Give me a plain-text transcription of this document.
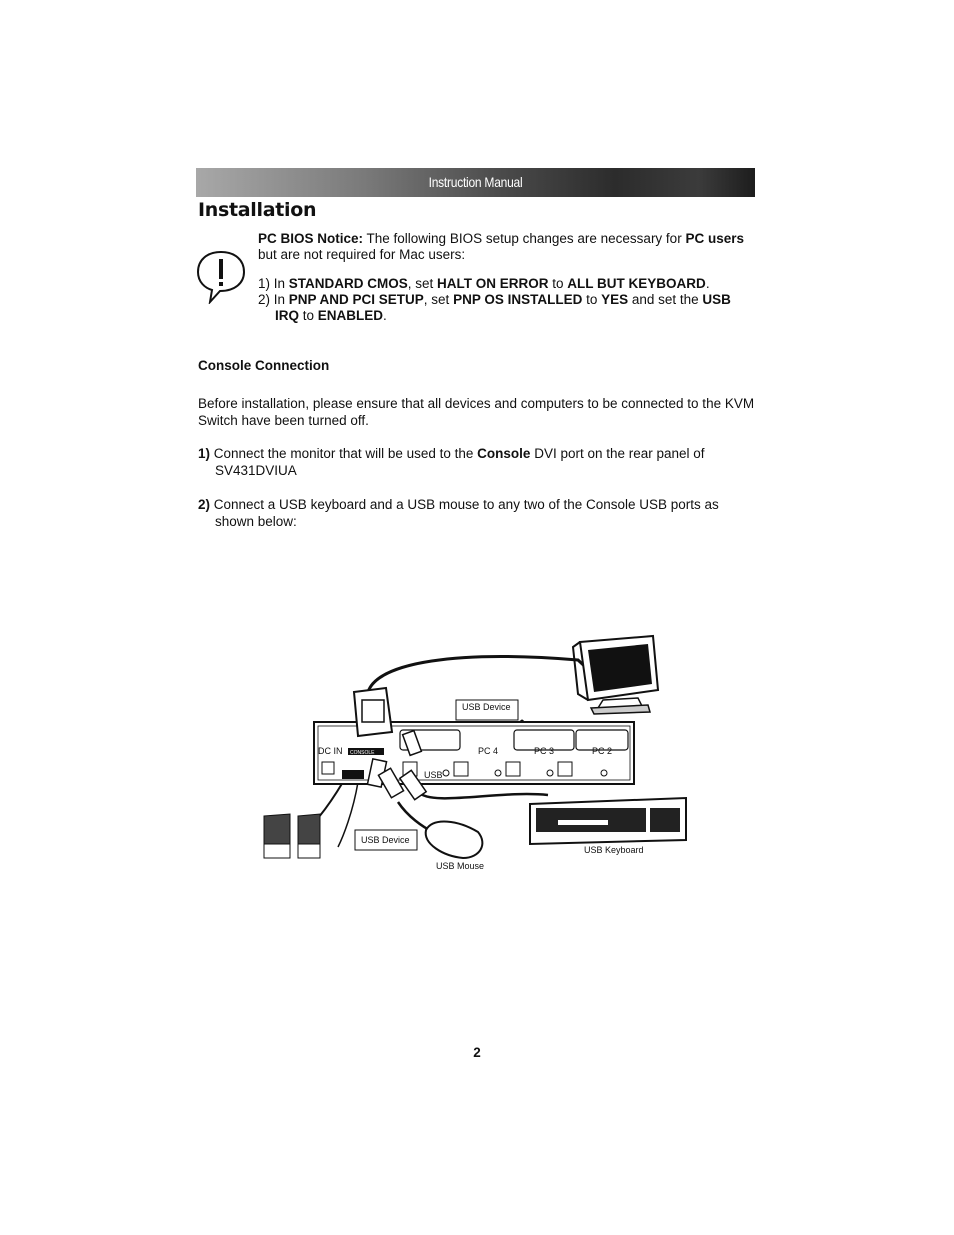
Instruction Manual
Installation

PC BIOS Notice: The following BIOS setup changes are necessary for PC users but are not required for Mac users:

1) In STANDARD CMOS, set HALT ON ERROR to ALL BUT KEYBOARD.

2) In PNP AND PCI SETUP, set PNP OS INSTALLED to YES and set the USB

IRQ to ENABLED.

Console Connection

Before installation, please ensure that all devices and computers to be connected to the KVM Switch have been turned off.

1) Connect the monitor that will be used to the Console DVI port on the rear panel of
SV431DVIUA

2) Connect a USB keyboard and a USB mouse to any two of the Console USB ports as
shown below:

DC IN CONSOLE	PC 4	PC 3	PC 2
USB
USB Device
USB Device
USB Mouse
USB Keyboard
2
